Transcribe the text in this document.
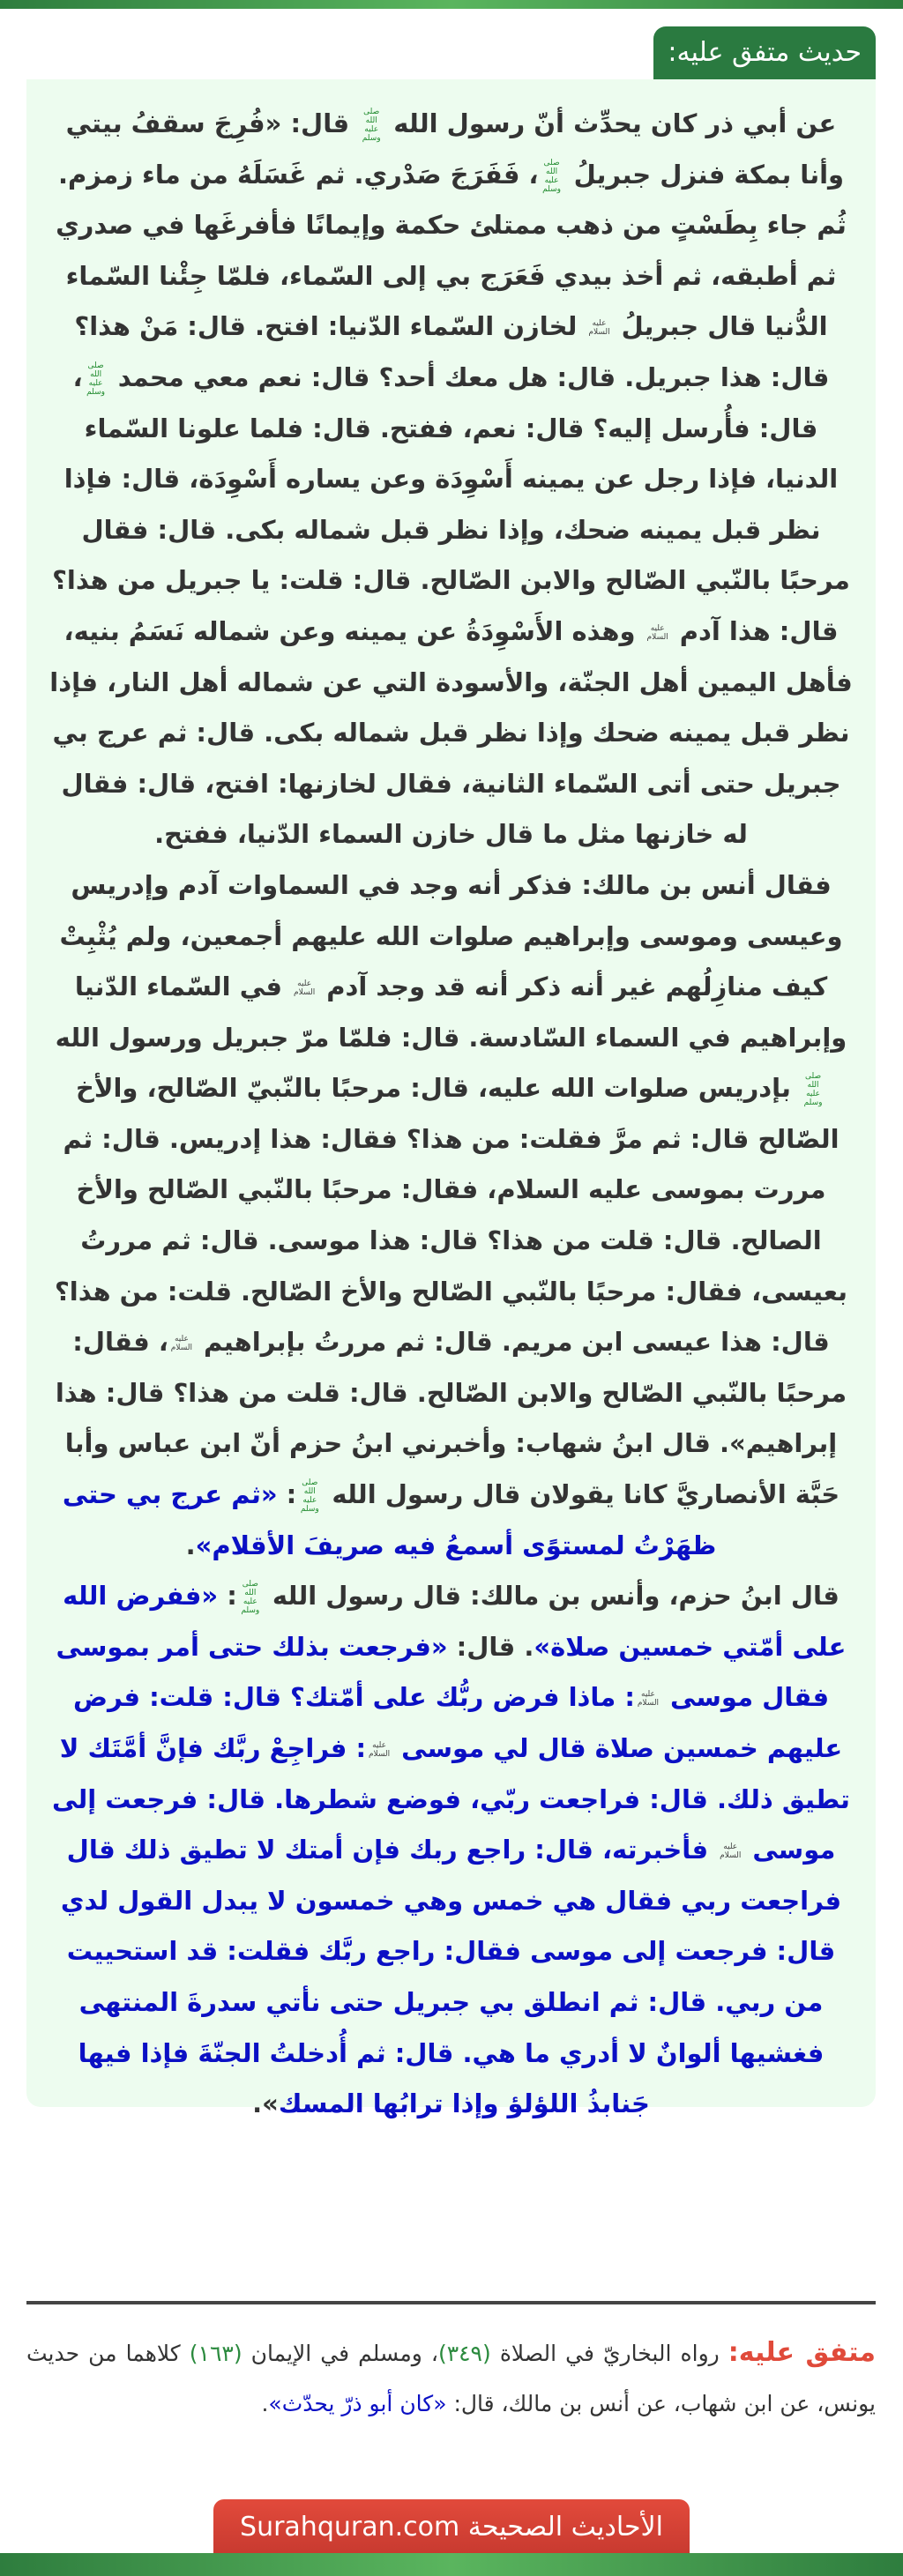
حديث متفق عليه:

عن أبي ذر كان يحدِّث أنّ رسول الله صلى الله عليه وسلم قال: «فُرِجَ سقفُ بيتي وأنا بمكة فنزل جبريلُ صلى الله عليه وسلم، فَفَرَجَ صَدْري. ثم غَسَلَهُ من ماء زمزم. ثُم جاء بِطَسْتٍ من ذهب ممتلئ حكمة وإيمانًا فأفرغَها في صدري ثم أطبقه، ثم أخذ بيدي فَعَرَج بي إلى السّماء، فلمّا جِئْنا السّماء الدُّنيا قال جبريلُ عليه السلام لخازن السّماء الدّنيا: افتح. قال: مَنْ هذا؟ قال: هذا جبريل. قال: هل معك أحد؟ قال: نعم معي محمد صلى الله عليه وسلم، قال: فأُرسل إليه؟ قال: نعم، ففتح. قال: فلما علونا السّماء الدنيا، فإذا رجل عن يمينه أَسْوِدَة وعن يساره أَسْوِدَة، قال: فإذا نظر قبل يمينه ضحك، وإذا نظر قبل شماله بكى. قال: فقال مرحبًا بالنّبي الصّالح والابن الصّالح. قال: قلت: يا جبريل من هذا؟ قال: هذا آدم عليه السلام وهذه الأَسْوِدَةُ عن يمينه وعن شماله نَسَمُ بنيه، فأهل اليمين أهل الجنّة، والأسودة التي عن شماله أهل النار، فإذا نظر قبل يمينه ضحك وإذا نظر قبل شماله بكى. قال: ثم عرج بي جبريل حتى أتى السّماء الثانية، فقال لخازنها: افتح، قال: فقال له خازنها مثل ما قال خازن السماء الدّنيا، ففتح.

فقال أنس بن مالك: فذكر أنه وجد في السماوات آدم وإدريس وعيسى وموسى وإبراهيم صلوات الله عليهم أجمعين، ولم يُثْبِتْ كيف منازِلُهم غير أنه ذكر أنه قد وجد آدم عليه السلام في السّماء الدّنيا وإبراهيم في السماء السّادسة. قال: فلمّا مرّ جبريل ورسول الله صلى الله عليه وسلم بإدريس صلوات الله عليه، قال: مرحبًا بالنّبيّ الصّالح، والأخ الصّالح قال: ثم مرَّ فقلت: من هذا؟ فقال: هذا إدريس. قال: ثم مررت بموسى عليه السلام، فقال: مرحبًا بالنّبي الصّالح والأخ الصالح. قال: قلت من هذا؟ قال: هذا موسى. قال: ثم مررتُ بعيسى، فقال: مرحبًا بالنّبي الصّالح والأخ الصّالح. قلت: من هذا؟ قال: هذا عيسى ابن مريم. قال: ثم مررتُ بإبراهيم عليه السلام، فقال: مرحبًا بالنّبي الصّالح والابن الصّالح. قال: قلت من هذا؟ قال: هذا إبراهيم». قال ابنُ شهاب: وأخبرني ابنُ حزم أنّ ابن عباس وأبا حَبَّة الأنصاريَّ كانا يقولان قال رسول الله صلى الله عليه وسلم: «ثم عرج بي حتى ظهَرْتُ لمستوًى أسمعُ فيه صريفَ الأقلام».

قال ابنُ حزم، وأنس بن مالك: قال رسول الله صلى الله عليه وسلم: «ففرض الله على أمّتي خمسين صلاة». قال: «فرجعت بذلك حتى أمر بموسى فقال موسى عليه السلام: ماذا فرض ربُّك على أمّتك؟ قال: قلت: فرض عليهم خمسين صلاة قال لي موسى عليه السلام: فراجِعْ ربَّك فإنَّ أمَّتَك لا تطيق ذلك. قال: فراجعت ربّي، فوضع شطرها. قال: فرجعت إلى موسى عليه السلام فأخبرته، قال: راجع ربك فإن أمتك لا تطيق ذلك قال فراجعت ربي فقال هي خمس وهي خمسون لا يبدل القول لدي قال: فرجعت إلى موسى فقال: راجع ربَّك فقلت: قد استحييت من ربي. قال: ثم انطلق بي جبريل حتى نأتي سدرةَ المنتهى فغشيها ألوانٌ لا أدري ما هي. قال: ثم أُدخلتُ الجنّةَ فإذا فيها جَنابذُ اللؤلؤ وإذا ترابُها المسك».

متفق عليه: رواه البخاريّ في الصلاة (٣٤٩)، ومسلم في الإيمان (١٦٣) كلاهما من حديث يونس، عن ابن شهاب، عن أنس بن مالك، قال: «كان أبو ذرّ يحدّث».
الأحاديث الصحيحة Surahquran.com
